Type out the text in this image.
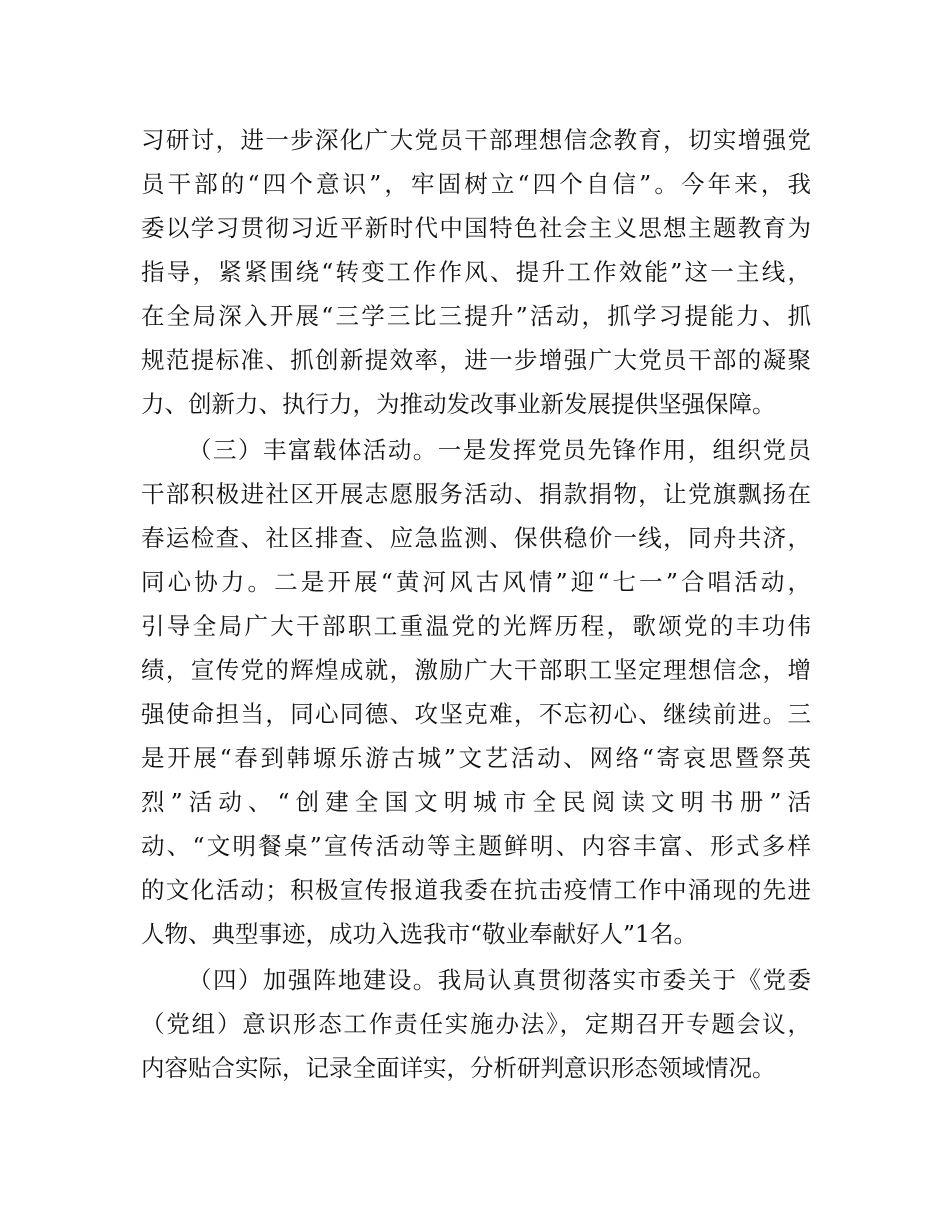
习研讨，进一步深化广大党员干部理想信念教育，切实增强党
员干部的“四个意识”，牢固树立“四个自信”。今年来，我
委以学习贯彻习近平新时代中国特色社会主义思想主题教育为
指导，紧紧围绕“转变工作作风、提升工作效能”这一主线，
在全局深入开展“三学三比三提升”活动，抓学习提能力、抓
规范提标准、抓创新提效率，进一步增强广大党员干部的凝聚
力、创新力、执行力，为推动发改事业新发展提供坚强保障。
（三）丰富载体活动。一是发挥党员先锋作用，组织党员
干部积极进社区开展志愿服务活动、捐款捐物，让党旗飘扬在
春运检查、社区排查、应急监测、保供稳价一线，同舟共济，
同心协力。二是开展“黄河风古风情”迎“七一”合唱活动，
引导全局广大干部职工重温党的光辉历程，歌颂党的丰功伟
绩，宣传党的辉煌成就，激励广大干部职工坚定理想信念，增
强使命担当，同心同德、攻坚克难，不忘初心、继续前进。三
是开展“春到韩塬乐游古城”文艺活动、网络“寄哀思暨祭英
烈”活动、“创建全国文明城市全民阅读文明书册”活
动、“文明餐桌”宣传活动等主题鲜明、内容丰富、形式多样
的文化活动；积极宣传报道我委在抗击疫情工作中涌现的先进
人物、典型事迹，成功入选我市“敬业奉献好人”1名。
（四）加强阵地建设。我局认真贯彻落实市委关于《党委
（党组）意识形态工作责任实施办法》，定期召开专题会议，
内容贴合实际，记录全面详实，分析研判意识形态领域情况。
